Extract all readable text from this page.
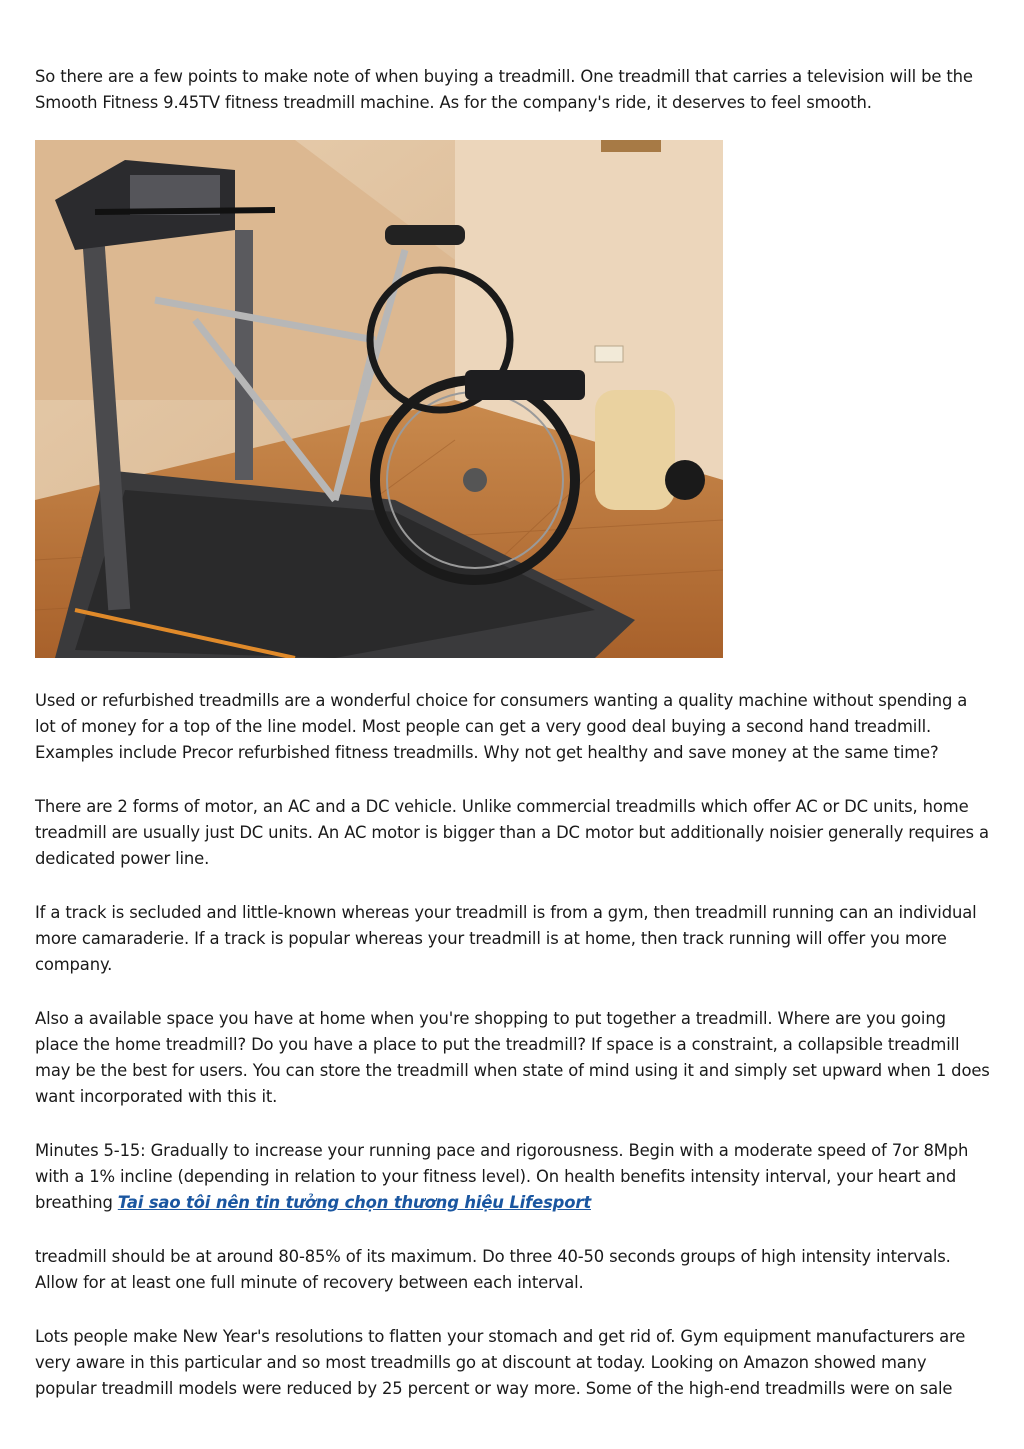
So there are a few points to make note of when buying a treadmill. One treadmill that carries a television will be the Smooth Fitness 9.45TV fitness treadmill machine. As for the company's ride, it deserves to feel smooth.

Used or refurbished treadmills are a wonderful choice for consumers wanting a quality machine without spending a lot of money for a top of the line model. Most people can get a very good deal buying a second hand treadmill. Examples include Precor refurbished fitness treadmills. Why not get healthy and save money at the same time?

There are 2 forms of motor, an AC and a DC vehicle. Unlike commercial treadmills which offer AC or DC units, home treadmill are usually just DC units. An AC motor is bigger than a DC motor but additionally noisier generally requires a dedicated power line.

If a track is secluded and little-known whereas your treadmill is from a gym, then treadmill running can an individual more camaraderie. If a track is popular whereas your treadmill is at home, then track running will offer you more company.

Also a available space you have at home when you're shopping to put together a treadmill. Where are you going place the home treadmill? Do you have a place to put the treadmill? If space is a constraint, a collapsible treadmill may be the best for users. You can store the treadmill when state of mind using it and simply set upward when 1 does want incorporated with this it.

Minutes 5-15: Gradually to increase your running pace and rigorousness. Begin with a moderate speed of 7or 8Mph with a 1% incline (depending in relation to your fitness level). On health benefits intensity interval, your heart and breathing Tai sao tôi nên tin tưởng chọn thương hiệu Lifesport

treadmill should be at around 80-85% of its maximum. Do three 40-50 seconds groups of high intensity intervals. Allow for at least one full minute of recovery between each interval.

Lots people make New Year's resolutions to flatten your stomach and get rid of. Gym equipment manufacturers are very aware in this particular and so most treadmills go at discount at today. Looking on Amazon showed many popular treadmill models were reduced by 25 percent or way more. Some of the high-end treadmills were on sale
